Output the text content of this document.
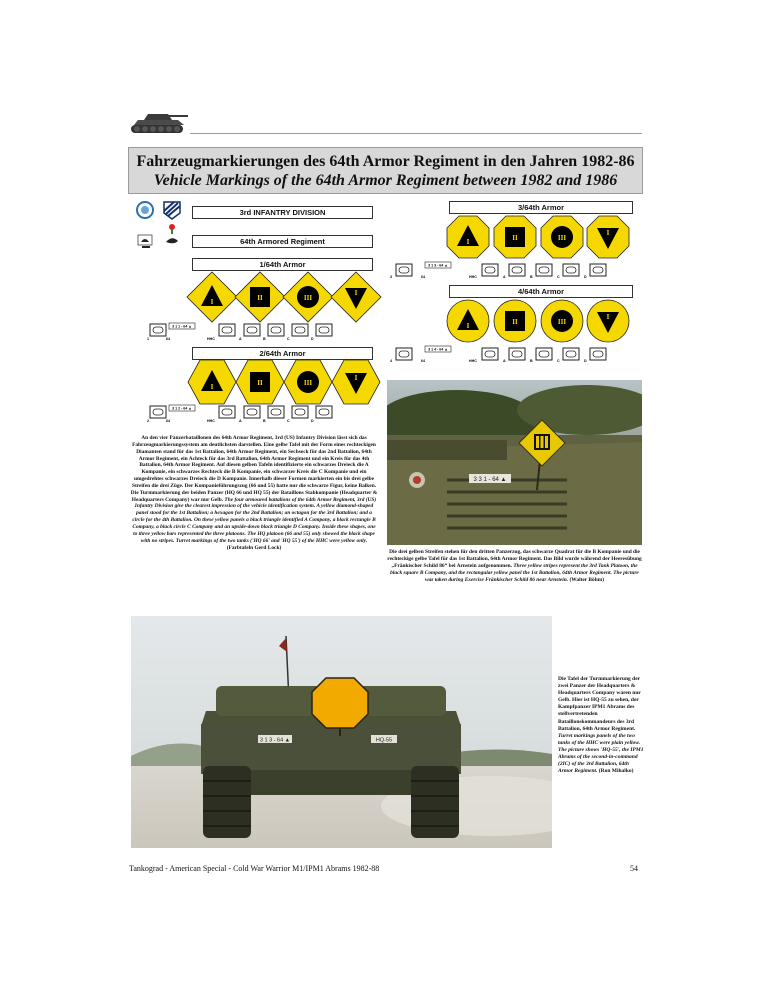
Fahrzeugmarkierungen des 64th Armor Regiment in den Jahren 1982-86
Vehicle Markings of the 64th Armor Regiment between 1982 and 1986
3rd INFANTRY DIVISION
64th Armored Regiment
1/64th Armor
2/64th Armor
3/64th Armor
4/64th Armor
I	II	III
I
I	II	III
I
I	II	III
I
I	II	III
I
1	64
3 1 1 - 64 ▲
HHC	A	B	C	D
2	64
3 1 2 - 64 ▲
HHC	A	B	C	D
3	64
3 1 3 - 64 ▲
HHC	A	B	C	D
4	64
3 1 4 - 64 ▲
HHC	A	B	C	D
An den vier Panzerbataillonen des 64th Armor Regiment, 3rd (US) Infantry Division lässt sich das Fahrzeugmarkierungssystem am deutlichsten darstellen. Eine gelbe Tafel mit der Form eines rechteckigen Diamanten stand für das 1st Battalion, 64th Armor Regiment, ein Sechseck für das 2nd Battalion, 64th Armor Regiment, ein Achteck für das 3rd Battalion, 64th Armor Regiment und ein Kreis für das 4th Battalion, 64th Armor Regiment. Auf diesen gelben Tafeln identifizierte ein schwarzes Dreieck die A Kompanie, ein schwarzes Rechteck die B Kompanie, ein schwarzer Kreis die C Kompanie und ein umgedrehtes schwarzes Dreieck die D Kompanie. Innerhalb dieser Formen markierten ein bis drei gelbe Streifen die drei Züge. Der Kompanieführungszug (66 und 55) hatte nur die schwarze Figur, keine Balken. Die Turmmarkierung der beiden Panzer (HQ 66 und HQ 55) der Bataillons Stabkompanie (Headquarter & Headquarters Company) war nur Gelb. The four armoured battalions of the 64th Armor Regiment, 3rd (US) Infantry Division give the clearest impression of the vehicle identification system. A yellow diamond-shaped panel stood for the 1st Battalion; a hexagon for the 2nd Battalion; an octagon for the 3rd Battalion; and a circle for the 4th Battalion. On these yellow panels a black triangle identified A Company, a black rectangle B Company, a black circle C Company and an upside-down black triangle D Company. Inside these shapes, one to three yellow bars represented the three platoons. The HQ platoon (66 and 55) only showed the black shape with no stripes. Turret markings of the two tanks ('HQ 66' and 'HQ 55') of the HHC were yellow only. (Farbtafeln Gerd Lock)
3 3 1 - 64 ▲
Die drei gelben Streifen stehen für den dritten Panzerzug, das schwarze Quadrat für die B Kompanie und die rechteckige gelbe Tafel für das 1st Battalion, 64th Armor Regiment. Das Bild wurde während der Heeresübung „Fränkischer Schild 86“ bei Arnstein aufgenommen. Three yellow stripes represent the 3rd Tank Platoon, the black square B Company, and the rectangular yellow panel the 1st Battalion, 64th Armor Regiment. The picture was taken during Exercise Fränkischer Schild 86 near Arnstein. (Walter Böhm)
3 1 3 - 64 ▲	HQ-55
Die Tafel der Turmmarkierung der zwei Panzer der Headquarters & Headquarters Company waren nur Gelb. Hier ist HQ-55 zu sehen, der Kampfpanzer IPM1 Abrams des stellvertretenden Bataillonskommandeurs des 3rd Battalion, 64th Armor Regiment. Turret markings panels of the two tanks of the HHC were plain yellow. The picture shows 'HQ-55', the IPM1 Abrams of the second-in-command (2IC) of the 3rd Battalion, 64th Armor Regiment. (Ron Mihalko)
Tankograd - American Special - Cold War Warrior M1/IPM1 Abrams 1982-88	54
